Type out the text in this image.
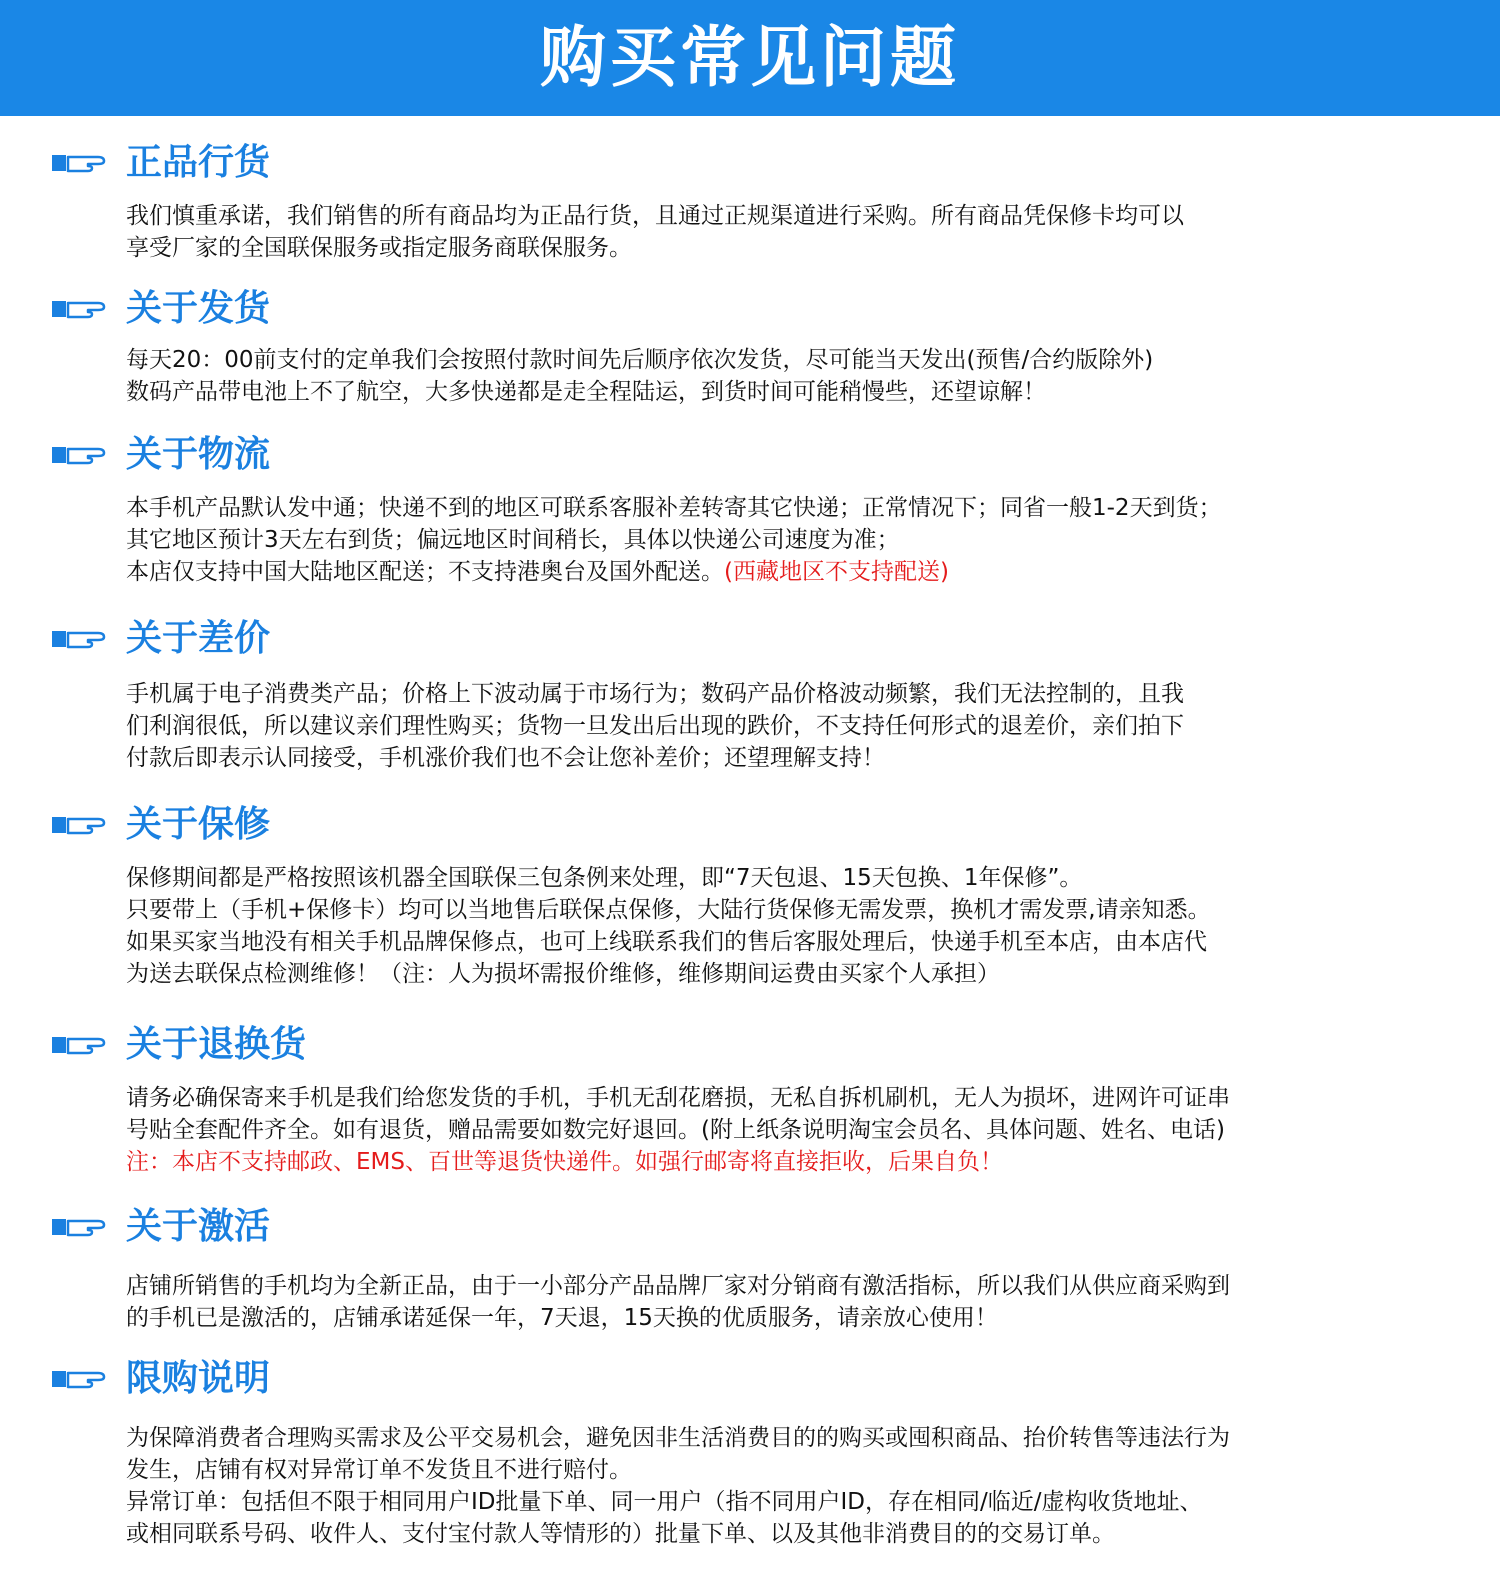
购买常见问题
正品行货
我们慎重承诺，我们销售的所有商品均为正品行货，且通过正规渠道进行采购。所有商品凭保修卡均可以
享受厂家的全国联保服务或指定服务商联保服务。
关于发货
每天20：00前支付的定单我们会按照付款时间先后顺序依次发货，尽可能当天发出(预售/合约版除外)
数码产品带电池上不了航空，大多快递都是走全程陆运，到货时间可能稍慢些，还望谅解！
关于物流
本手机产品默认发中通；快递不到的地区可联系客服补差转寄其它快递；正常情况下；同省一般1-2天到货；
其它地区预计3天左右到货；偏远地区时间稍长，具体以快递公司速度为准；
本店仅支持中国大陆地区配送；不支持港奥台及国外配送。(西藏地区不支持配送)
关于差价
手机属于电子消费类产品；价格上下波动属于市场行为；数码产品价格波动频繁，我们无法控制的，且我
们利润很低，所以建议亲们理性购买；货物一旦发出后出现的跌价，不支持任何形式的退差价，亲们拍下
付款后即表示认同接受，手机涨价我们也不会让您补差价；还望理解支持！
关于保修
保修期间都是严格按照该机器全国联保三包条例来处理，即“7天包退、15天包换、1年保修”。
只要带上（手机+保修卡）均可以当地售后联保点保修，大陆行货保修无需发票，换机才需发票,请亲知悉。
如果买家当地没有相关手机品牌保修点，也可上线联系我们的售后客服处理后，快递手机至本店，由本店代
为送去联保点检测维修！（注：人为损坏需报价维修，维修期间运费由买家个人承担）
关于退换货
请务必确保寄来手机是我们给您发货的手机，手机无刮花磨损，无私自拆机刷机，无人为损坏，进网许可证串
号贴全套配件齐全。如有退货，赠品需要如数完好退回。(附上纸条说明淘宝会员名、具体问题、姓名、电话)
注：本店不支持邮政、EMS、百世等退货快递件。如强行邮寄将直接拒收，后果自负！
关于激活
店铺所销售的手机均为全新正品，由于一小部分产品品牌厂家对分销商有激活指标，所以我们从供应商采购到
的手机已是激活的，店铺承诺延保一年，7天退，15天换的优质服务，请亲放心使用！
限购说明
为保障消费者合理购买需求及公平交易机会，避免因非生活消费目的的购买或囤积商品、抬价转售等违法行为
发生，店铺有权对异常订单不发货且不进行赔付。
异常订单：包括但不限于相同用户ID批量下单、同一用户（指不同用户ID，存在相同/临近/虚构收货地址、
或相同联系号码、收件人、支付宝付款人等情形的）批量下单、以及其他非消费目的的交易订单。
